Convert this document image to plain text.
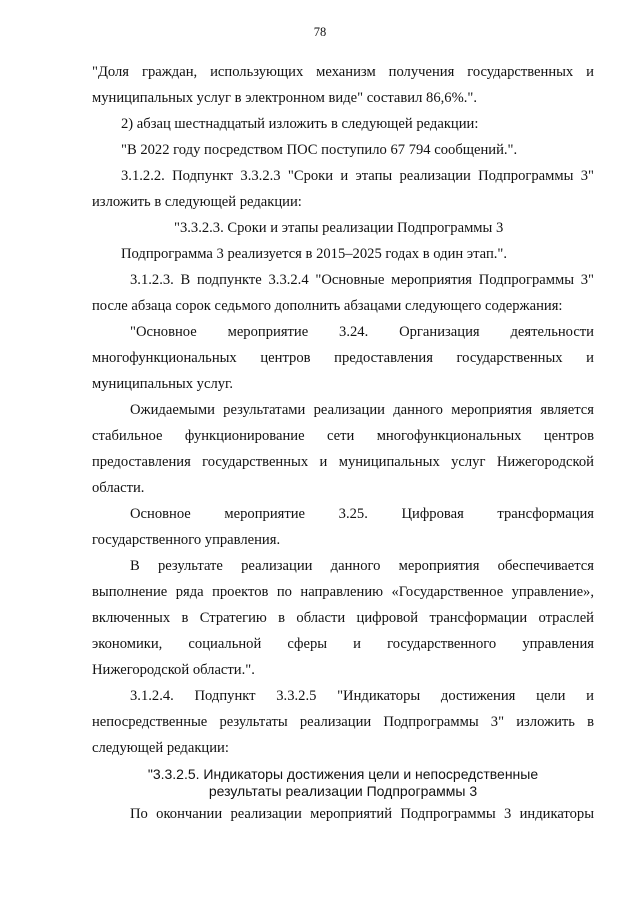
78
"Доля граждан, использующих механизм получения государственных и
муниципальных услуг в электронном виде" составил 86,6%.".
2) абзац шестнадцатый изложить в следующей редакции:
"В 2022 году посредством ПОС поступило 67 794 сообщений.".
3.1.2.2. Подпункт 3.3.2.3 "Сроки и этапы реализации Подпрограммы 3"
изложить в следующей редакции:
"3.3.2.3. Сроки и этапы реализации Подпрограммы 3
Подпрограмма 3 реализуется в 2015–2025 годах в один этап.".
3.1.2.3. В подпункте 3.3.2.4 "Основные мероприятия Подпрограммы 3"
после абзаца сорок седьмого дополнить абзацами следующего содержания:
"Основное мероприятие 3.24. Организация деятельности
многофункциональных центров предоставления государственных и
муниципальных услуг.
Ожидаемыми результатами реализации данного мероприятия является
стабильное функционирование сети многофункциональных центров
предоставления государственных и муниципальных услуг Нижегородской
области.
Основное мероприятие 3.25. Цифровая трансформация
государственного управления.
В результате реализации данного мероприятия обеспечивается
выполнение ряда проектов по направлению «Государственное управление»,
включенных в Стратегию в области цифровой трансформации отраслей
экономики, социальной сферы и государственного управления
Нижегородской области.".
3.1.2.4. Подпункт 3.3.2.5 "Индикаторы достижения цели и
непосредственные результаты реализации Подпрограммы 3" изложить в
следующей редакции:
"3.3.2.5. Индикаторы достижения цели и непосредственные
результаты реализации Подпрограммы 3
По окончании реализации мероприятий Подпрограммы 3 индикаторы
